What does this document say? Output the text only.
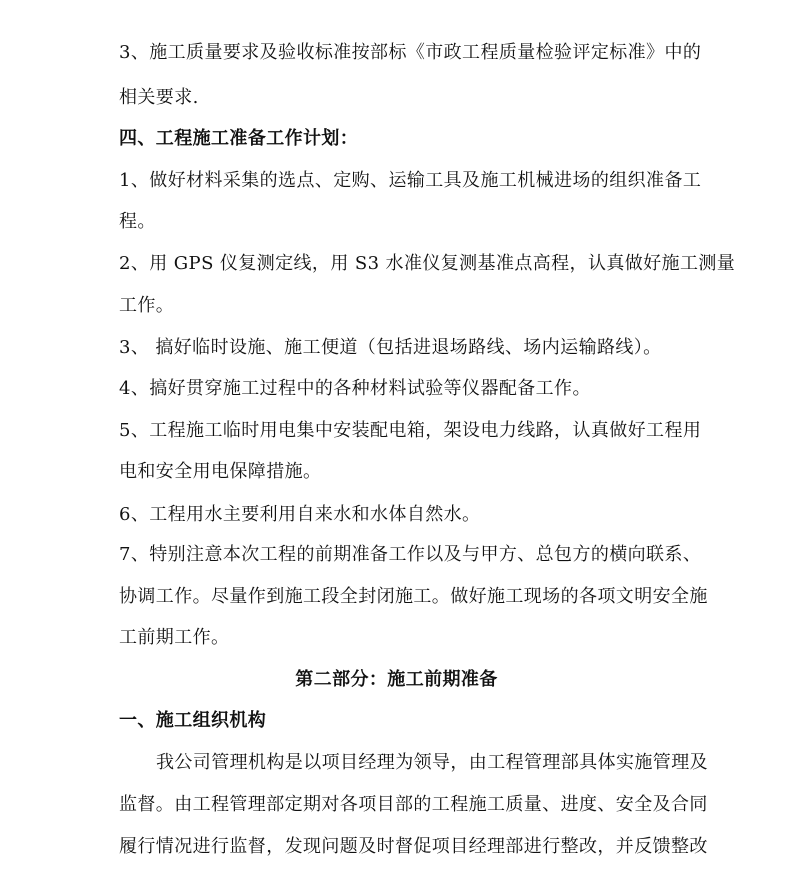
3、施工质量要求及验收标准按部标《市政工程质量检验评定标准》中的
相关要求.
四、工程施工准备工作计划：
1、做好材料采集的选点、定购、运输工具及施工机械进场的组织准备工
程。
2、用 GPS 仪复测定线，用 S3 水准仪复测基准点高程，认真做好施工测量
工作。
3、 搞好临时设施、施工便道（包括进退场路线、场内运输路线）。
4、搞好贯穿施工过程中的各种材料试验等仪器配备工作。
5、工程施工临时用电集中安装配电箱，架设电力线路，认真做好工程用
电和安全用电保障措施。
6、工程用水主要利用自来水和水体自然水。
7、特别注意本次工程的前期准备工作以及与甲方、总包方的横向联系、
协调工作。尽量作到施工段全封闭施工。做好施工现场的各项文明安全施
工前期工作。
第二部分：施工前期准备
一、施工组织机构
我公司管理机构是以项目经理为领导，由工程管理部具体实施管理及
监督。由工程管理部定期对各项目部的工程施工质量、进度、安全及合同
履行情况进行监督，发现问题及时督促项目经理部进行整改，并反馈整改
